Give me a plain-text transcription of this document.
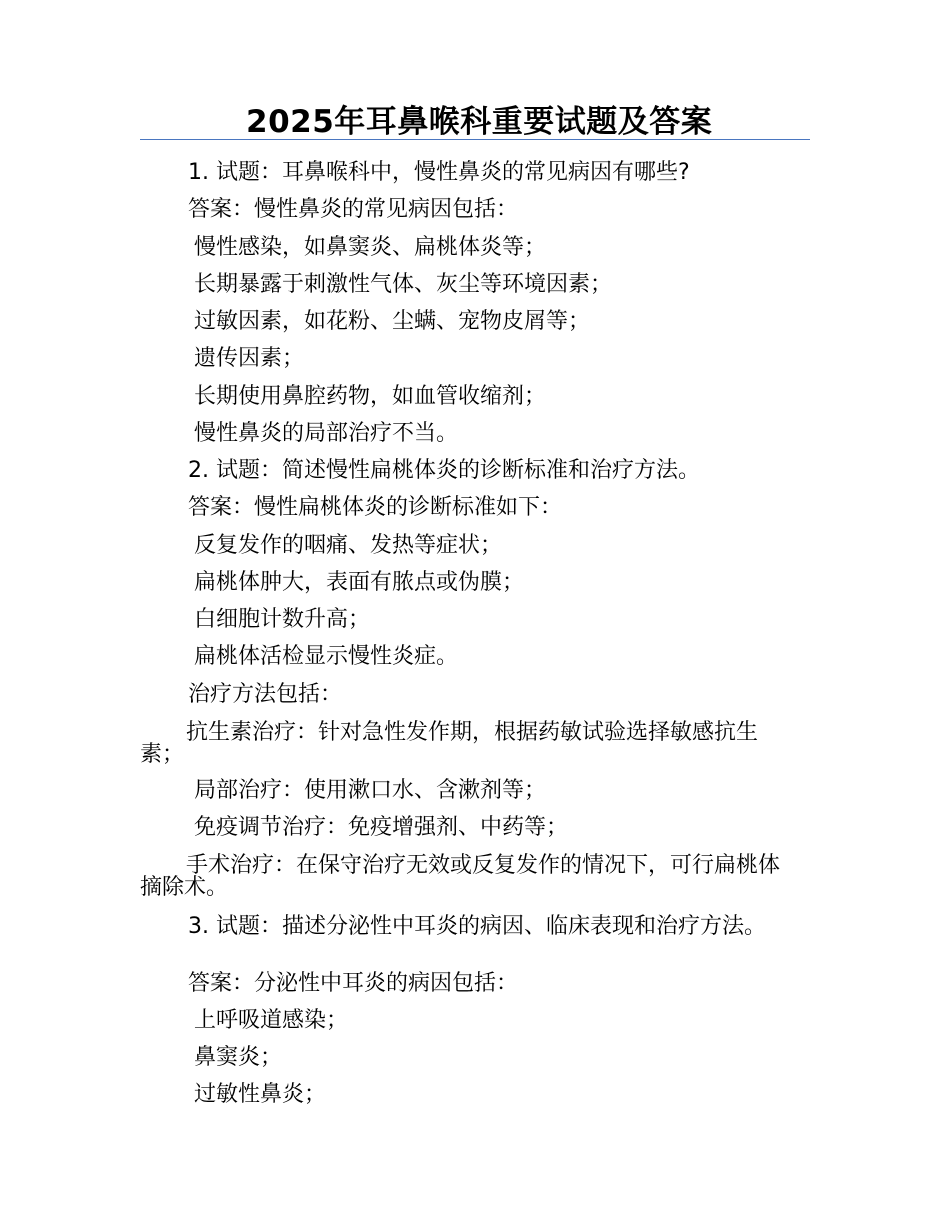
2025年耳鼻喉科重要试题及答案
1. 试题：耳鼻喉科中，慢性鼻炎的常见病因有哪些?
答案：慢性鼻炎的常见病因包括：
慢性感染，如鼻窦炎、扁桃体炎等；
长期暴露于刺激性气体、灰尘等环境因素；
过敏因素，如花粉、尘螨、宠物皮屑等；
遗传因素；
长期使用鼻腔药物，如血管收缩剂；
慢性鼻炎的局部治疗不当。
2. 试题：简述慢性扁桃体炎的诊断标准和治疗方法。
答案：慢性扁桃体炎的诊断标准如下：
反复发作的咽痛、发热等症状；
扁桃体肿大，表面有脓点或伪膜；
白细胞计数升高；
扁桃体活检显示慢性炎症。
治疗方法包括：
抗生素治疗：针对急性发作期，根据药敏试验选择敏感抗生素；
局部治疗：使用漱口水、含漱剂等；
免疫调节治疗：免疫增强剂、中药等；
手术治疗：在保守治疗无效或反复发作的情况下，可行扁桃体摘除术。
3. 试题：描述分泌性中耳炎的病因、临床表现和治疗方法。
答案：分泌性中耳炎的病因包括：
上呼吸道感染；
鼻窦炎；
过敏性鼻炎；
